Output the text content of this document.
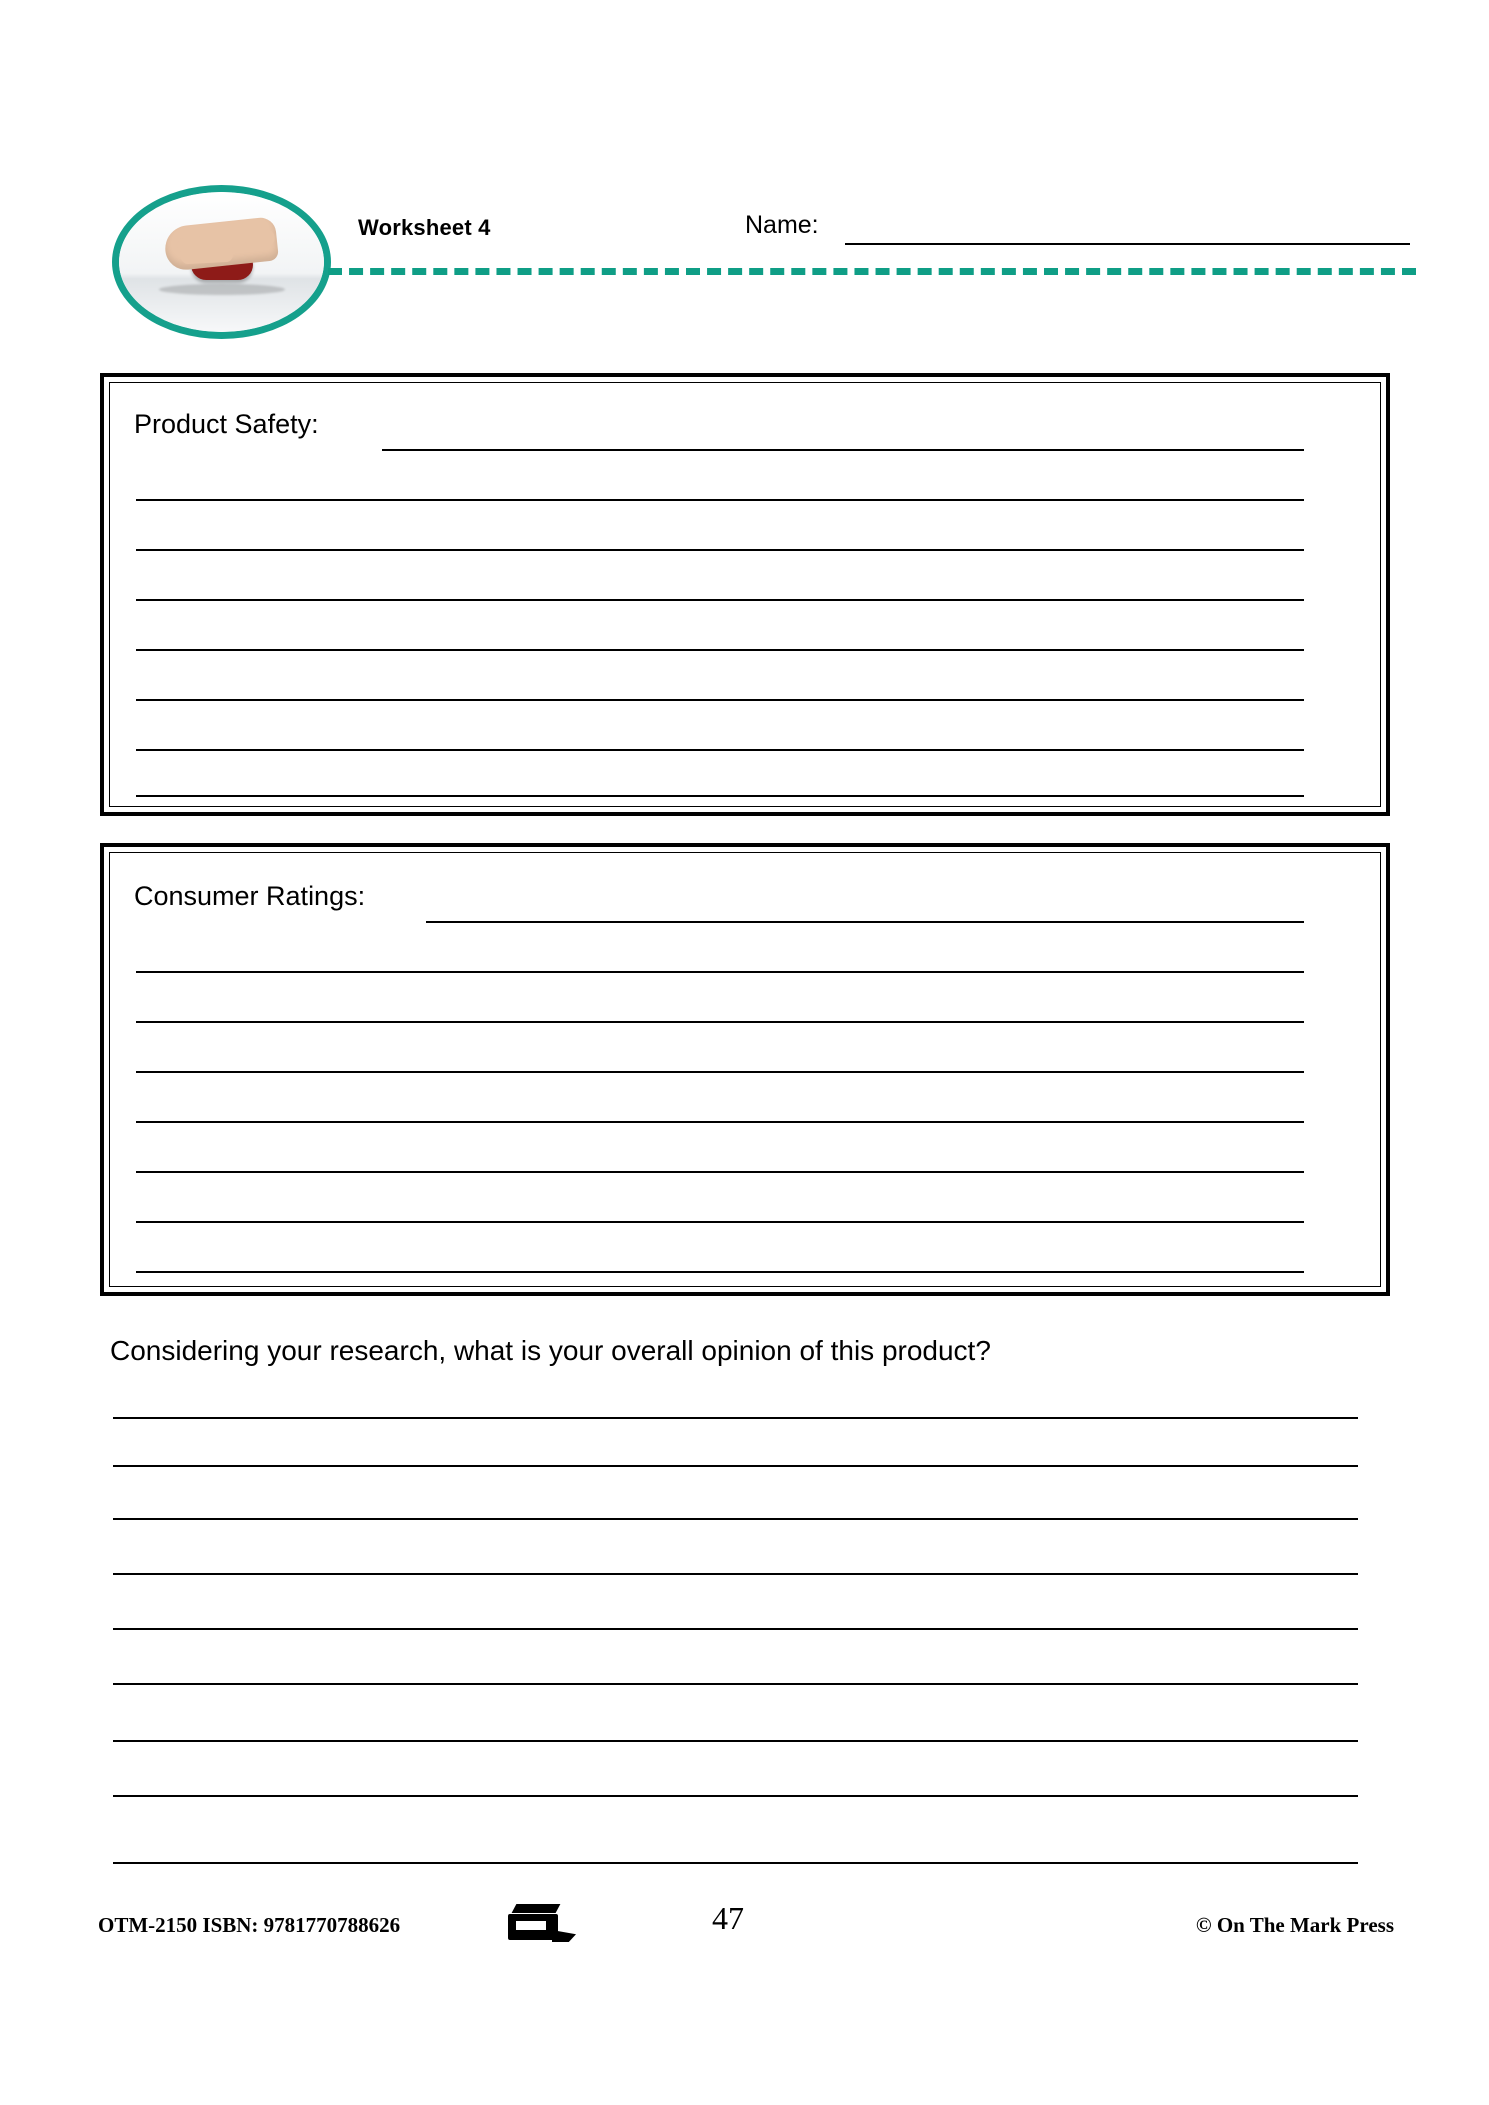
Worksheet 4	Name:
Product Safety:
Consumer Ratings:
Considering your research, what is your overall opinion of this product?
OTM-2150 ISBN: 9781770788626	47	© On The Mark Press
